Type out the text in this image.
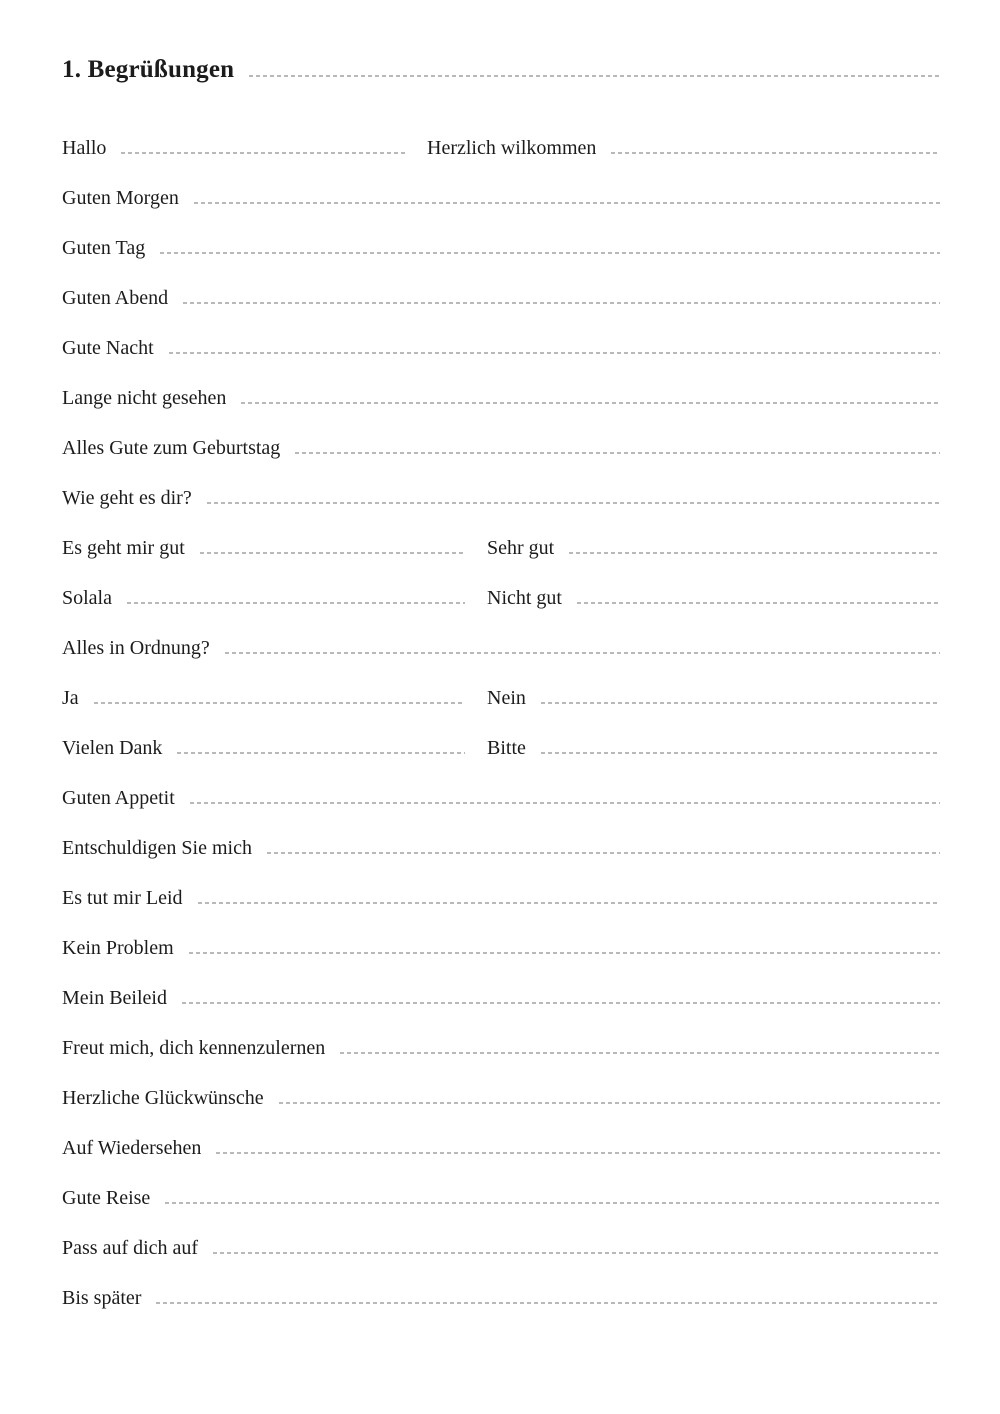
1. Begrüßungen
Hallo	Herzlich wilkommen
Guten Morgen
Guten Tag
Guten Abend
Gute Nacht
Lange nicht gesehen
Alles Gute zum Geburtstag
Wie geht es dir?
Es geht mir gut	Sehr gut
Solala	Nicht gut
Alles in Ordnung?
Ja	Nein
Vielen Dank	Bitte
Guten Appetit
Entschuldigen Sie mich
Es tut mir Leid
Kein Problem
Mein Beileid
Freut mich, dich kennenzulernen
Herzliche Glückwünsche
Auf Wiedersehen
Gute Reise
Pass auf dich auf
Bis später
